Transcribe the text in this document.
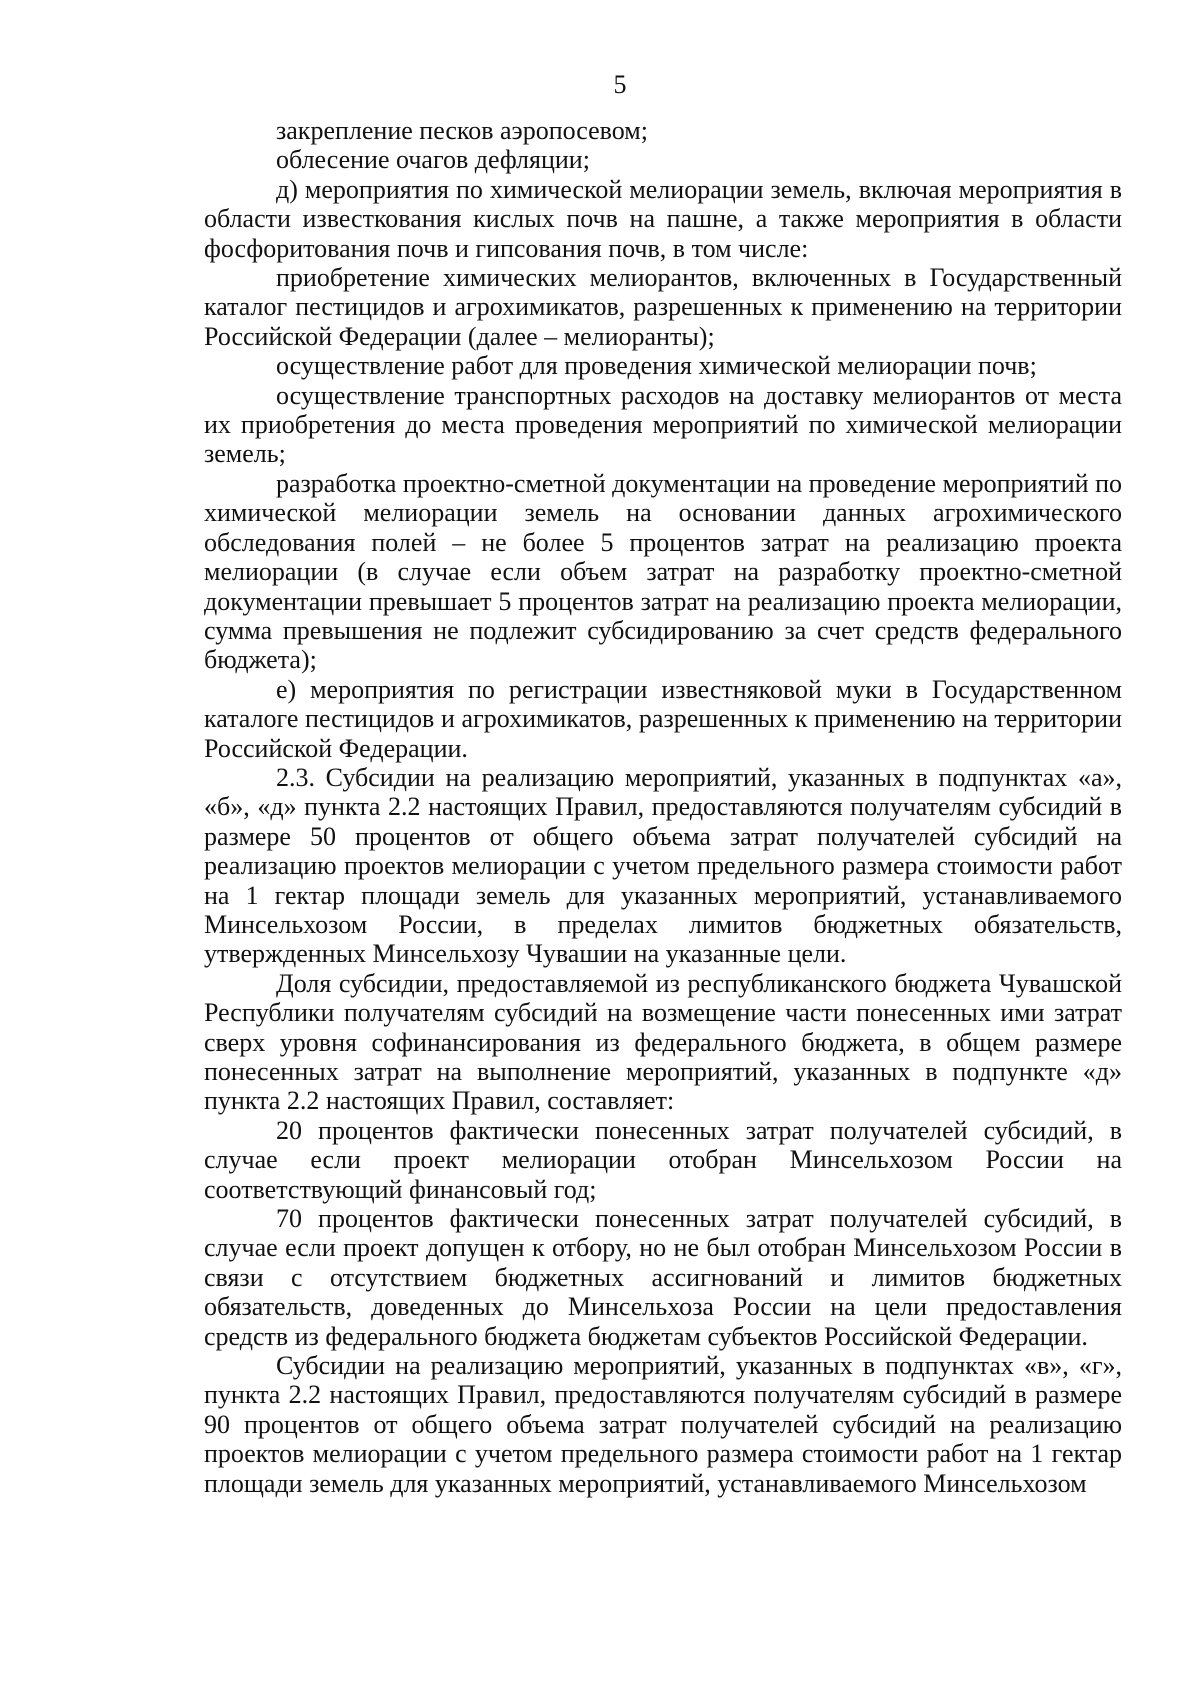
5

закрепление песков аэропосевом;

облесение очагов дефляции;

д) мероприятия по химической мелиорации земель, включая мероприятия в области известкования кислых почв на пашне, а также мероприятия в области фосфоритования почв и гипсования почв, в том числе:

приобретение химических мелиорантов, включенных в Государственный каталог пестицидов и агрохимикатов, разрешенных к применению на территории Российской Федерации (далее – мелиоранты);

осуществление работ для проведения химической мелиорации почв;

осуществление транспортных расходов на доставку мелиорантов от места их приобретения до места проведения мероприятий по химической мелиорации земель;

разработка проектно-сметной документации на проведение мероприятий по химической мелиорации земель на основании данных агрохимического обследования полей – не более 5 процентов затрат на реализацию проекта мелиорации (в случае если объем затрат на разработку проектно-сметной документации превышает 5 процентов затрат на реализацию проекта мелиорации, сумма превышения не подлежит субсидированию за счет средств федерального бюджета);

е) мероприятия по регистрации известняковой муки в Государственном каталоге пестицидов и агрохимикатов, разрешенных к применению на территории Российской Федерации.

2.3. Субсидии на реализацию мероприятий, указанных в подпунктах «а», «б», «д» пункта 2.2 настоящих Правил, предоставляются получателям субсидий в размере 50 процентов от общего объема затрат получателей субсидий на реализацию проектов мелиорации с учетом предельного размера стоимости работ на 1 гектар площади земель для указанных мероприятий, устанавливаемого Минсельхозом России, в пределах лимитов бюджетных обязательств, утвержденных Минсельхозу Чувашии на указанные цели.

Доля субсидии, предоставляемой из республиканского бюджета Чувашской Республики получателям субсидий на возмещение части понесенных ими затрат сверх уровня софинансирования из федерального бюджета, в общем размере понесенных затрат на выполнение мероприятий, указанных в подпункте «д» пункта 2.2 настоящих Правил, составляет:

20 процентов фактически понесенных затрат получателей субсидий, в случае если проект мелиорации отобран Минсельхозом России на соответствующий финансовый год;

70 процентов фактически понесенных затрат получателей субсидий, в случае если проект допущен к отбору, но не был отобран Минсельхозом России в связи с отсутствием бюджетных ассигнований и лимитов бюджетных обязательств, доведенных до Минсельхоза России на цели предоставления средств из федерального бюджета бюджетам субъектов Российской Федерации.

Субсидии на реализацию мероприятий, указанных в подпунктах «в», «г», пункта 2.2 настоящих Правил, предоставляются получателям субсидий в размере 90 процентов от общего объема затрат получателей субсидий на реализацию проектов мелиорации с учетом предельного размера стоимости работ на 1 гектар площади земель для указанных мероприятий, устанавливаемого Минсельхозом
